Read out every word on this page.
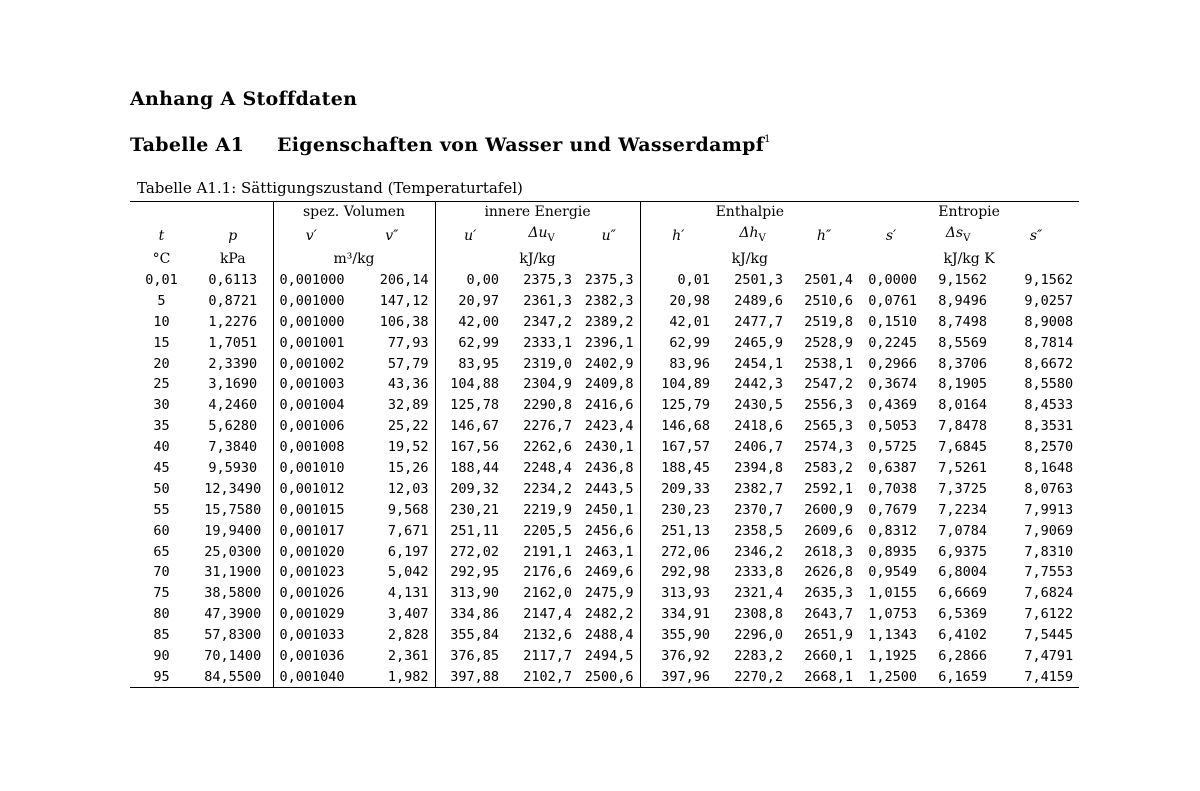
Anhang A Stoffdaten
Tabelle A1 Eigenschaften von Wasser und Wasserdampf$^1$
Tabelle A1.1: Sättigungszustand (Temperaturtafel)
		spez. Volumen		innere Energie			Enthalpie			Entropie		
t	p	v′	v″	u′	$\Delta u_V$	u″	h′	$\Delta h_V$	h″	s′	$\Delta s_V$	s″
°C	kPa	m³/kg		kJ/kg			kJ/kg			kJ/kg K		
0,01	0,6113	0,001000	206,14	0,00	2375,3	2375,3	0,01	2501,3	2501,4	0,0000	9,1562	9,1562
5	0,8721	0,001000	147,12	20,97	2361,3	2382,3	20,98	2489,6	2510,6	0,0761	8,9496	9,0257
10	1,2276	0,001000	106,38	42,00	2347,2	2389,2	42,01	2477,7	2519,8	0,1510	8,7498	8,9008
15	1,7051	0,001001	77,93	62,99	2333,1	2396,1	62,99	2465,9	2528,9	0,2245	8,5569	8,7814
20	2,3390	0,001002	57,79	83,95	2319,0	2402,9	83,96	2454,1	2538,1	0,2966	8,3706	8,6672
25	3,1690	0,001003	43,36	104,88	2304,9	2409,8	104,89	2442,3	2547,2	0,3674	8,1905	8,5580
30	4,2460	0,001004	32,89	125,78	2290,8	2416,6	125,79	2430,5	2556,3	0,4369	8,0164	8,4533
35	5,6280	0,001006	25,22	146,67	2276,7	2423,4	146,68	2418,6	2565,3	0,5053	7,8478	8,3531
40	7,3840	0,001008	19,52	167,56	2262,6	2430,1	167,57	2406,7	2574,3	0,5725	7,6845	8,2570
45	9,5930	0,001010	15,26	188,44	2248,4	2436,8	188,45	2394,8	2583,2	0,6387	7,5261	8,1648
50	12,3490	0,001012	12,03	209,32	2234,2	2443,5	209,33	2382,7	2592,1	0,7038	7,3725	8,0763
55	15,7580	0,001015	9,568	230,21	2219,9	2450,1	230,23	2370,7	2600,9	0,7679	7,2234	7,9913
60	19,9400	0,001017	7,671	251,11	2205,5	2456,6	251,13	2358,5	2609,6	0,8312	7,0784	7,9069
65	25,0300	0,001020	6,197	272,02	2191,1	2463,1	272,06	2346,2	2618,3	0,8935	6,9375	7,8310
70	31,1900	0,001023	5,042	292,95	2176,6	2469,6	292,98	2333,8	2626,8	0,9549	6,8004	7,7553
75	38,5800	0,001026	4,131	313,90	2162,0	2475,9	313,93	2321,4	2635,3	1,0155	6,6669	7,6824
80	47,3900	0,001029	3,407	334,86	2147,4	2482,2	334,91	2308,8	2643,7	1,0753	6,5369	7,6122
85	57,8300	0,001033	2,828	355,84	2132,6	2488,4	355,90	2296,0	2651,9	1,1343	6,4102	7,5445
90	70,1400	0,001036	2,361	376,85	2117,7	2494,5	376,92	2283,2	2660,1	1,1925	6,2866	7,4791
95	84,5500	0,001040	1,982	397,88	2102,7	2500,6	397,96	2270,2	2668,1	1,2500	6,1659	7,4159
